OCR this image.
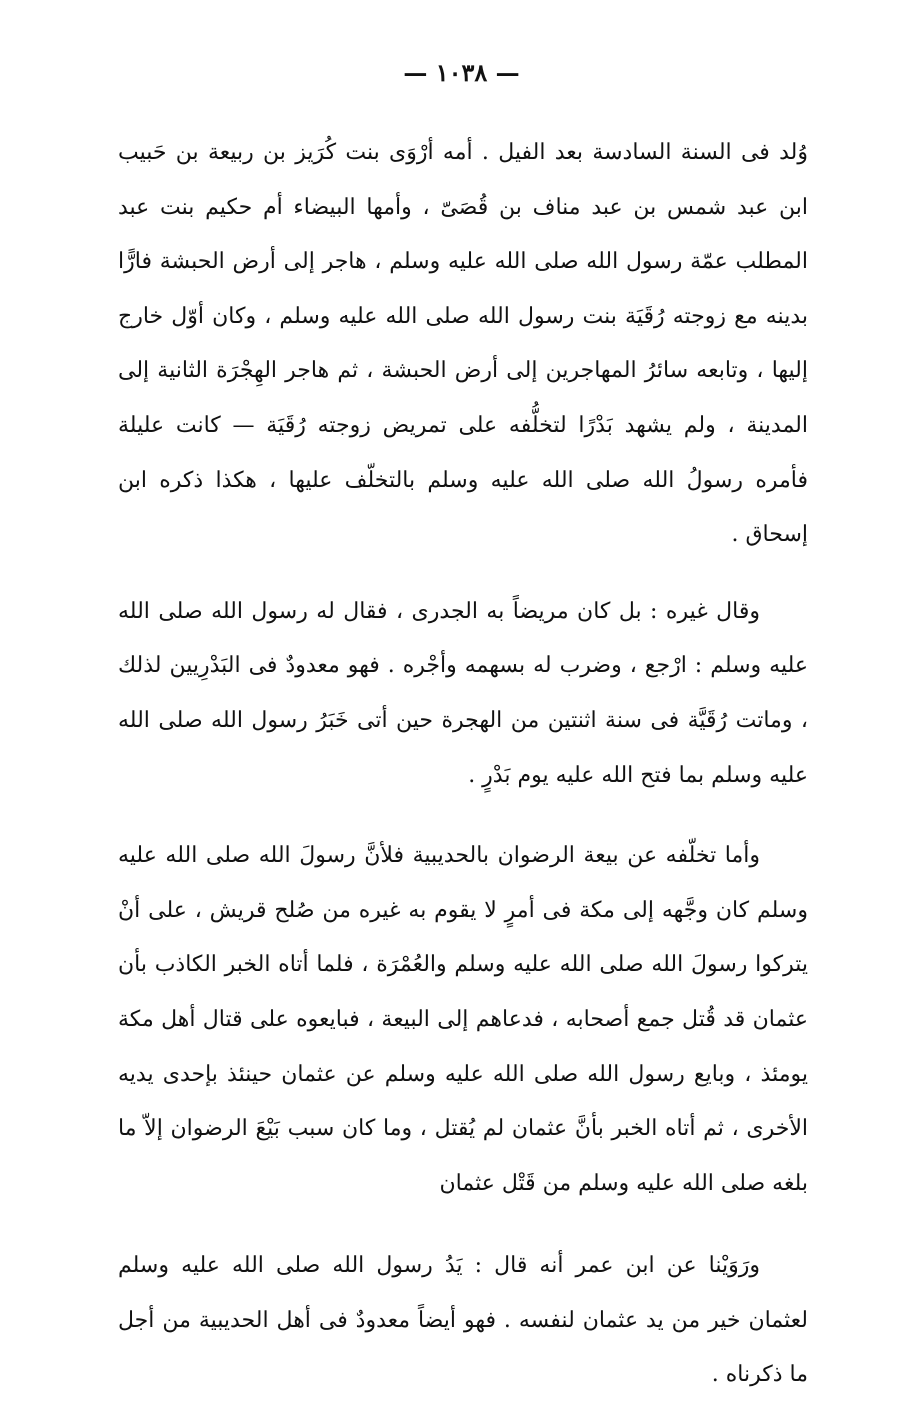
— ١٠٣٨ —

وُلد فى السنة السادسة بعد الفيل . أمه أرْوَى بنت كُرَيز بن ربيعة بن حَبيب ابن عبد شمس بن عبد مناف بن قُصَىّ ، وأمها البيضاء أم حكيم بنت عبد المطلب عمّة رسول الله صلى الله عليه وسلم ، هاجر إلى أرض الحبشة فارًّا بدينه مع زوجته رُقَيَة بنت رسول الله صلى الله عليه وسلم ، وكان أوّل خارج إليها ، وتابعه سائرُ المهاجرين إلى أرض الحبشة ، ثم هاجر الهِجْرَة الثانية إلى المدينة ، ولم يشهد بَدْرًا لتخلُّفه على تمريض زوجته رُقَيَة — كانت عليلة فأمره رسولُ الله صلى الله عليه وسلم بالتخلّف عليها ، هكذا ذكره ابن إسحاق .

وقال غيره : بل كان مريضاً به الجدرى ، فقال له رسول الله صلى الله عليه وسلم : ارْجع ، وضرب له بسهمه وأجْره . فهو معدودٌ فى البَدْرِيين لذلك ، وماتت رُقَيَّة فى سنة اثنتين من الهجرة حين أتى خَبَرُ رسول الله صلى الله عليه وسلم بما فتح الله عليه يوم بَدْرٍ .

وأما تخلّفه عن بيعة الرضوان بالحديبية فلأنَّ رسولَ الله صلى الله عليه وسلم كان وجَّهه إلى مكة فى أمرٍ لا يقوم به غيره من صُلح قريش ، على أنْ يتركوا رسولَ الله صلى الله عليه وسلم والعُمْرَة ، فلما أتاه الخبر الكاذب بأن عثمان قد قُتل جمع أصحابه ، فدعاهم إلى البيعة ، فبايعوه على قتال أهل مكة يومئذ ، وبايع رسول الله صلى الله عليه وسلم عن عثمان حينئذ بإحدى يديه الأخرى ، ثم أتاه الخبر بأنَّ عثمان لم يُقتل ، وما كان سبب بَيْعَ الرضوان إلاّ ما بلغه صلى الله عليه وسلم من قَتْل عثمان

ورَوَيْنا عن ابن عمر أنه قال : يَدُ رسول الله صلى الله عليه وسلم لعثمان خير من يد عثمان لنفسه . فهو أيضاً معدودٌ فى أهل الحديبية من أجل ما ذكرناه .
